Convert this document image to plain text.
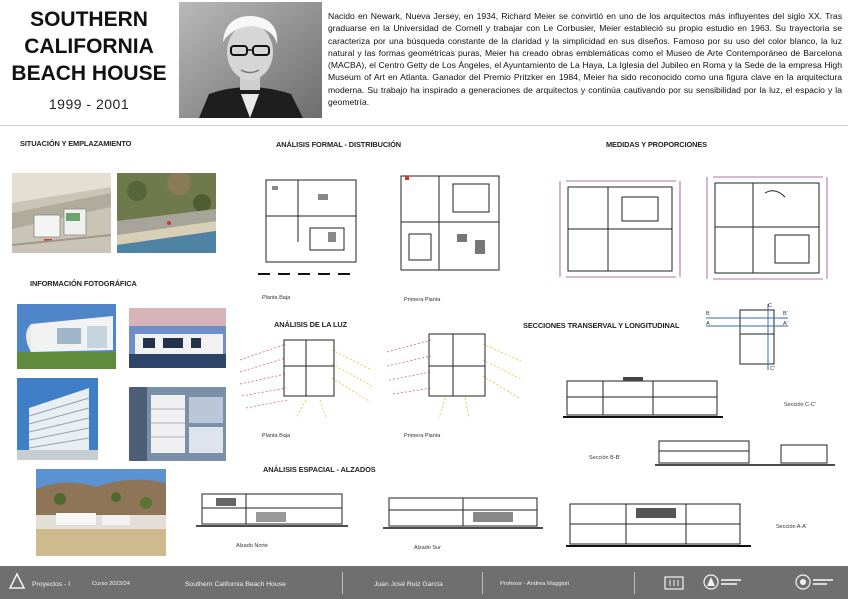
SOUTHERN
CALIFORNIA
BEACH HOUSE
1999 - 2001
Nacido en Newark, Nueva Jersey, en 1934, Richard Meier se convirtió en uno de los arquitectos más influyentes del siglo XX. Tras graduarse en la Universidad de Cornell y trabajar con Le Corbusier, Meier estableció su propio estudio en 1963. Su trayectoria se caracteriza por una búsqueda constante de la claridad y la simplicidad en sus diseños. Famoso por su uso del color blanco, la luz natural y las formas geométricas puras, Meier ha creado obras emblemáticas como el Museo de Arte Contemporáneo de Barcelona (MACBA), el Centro Getty de Los Ángeles, el Ayuntamiento de La Haya, La Iglesia del Jubileo en Roma y la Sede de la empresa High Museum of Art en Atlanta. Ganador del Premio Pritzker en 1984, Meier ha sido reconocido como una figura clave en la arquitectura moderna. Su trabajo ha inspirado a generaciones de arquitectos y continúa cautivando por su sensibilidad por la luz, el espacio y la geometría.
SITUACIÓN Y EMPLAZAMIENTO
INFORMACIÓN FOTOGRÁFICA
ANÁLISIS FORMAL - DISTRIBUCIÓN	MEDIDAS Y PROPORCIONES
ANÁLISIS DE LA LUZ	SECCIONES TRANSERVAL Y LONGITUDINAL
ANÁLISIS ESPACIAL - ALZADOS
Planta Baja	Primera Planta
Planta Baja	Primera Planta
C
B	B'
A	A'
C'
Sección C-C'
Sección B-B'
Sección A-A'
Alzado Norte	Alzado Sur
Proyectos - I	Curso 2023/24	Southern California Beach House	Juan José Ruiz García	Profesor - Andrea Maggiori
